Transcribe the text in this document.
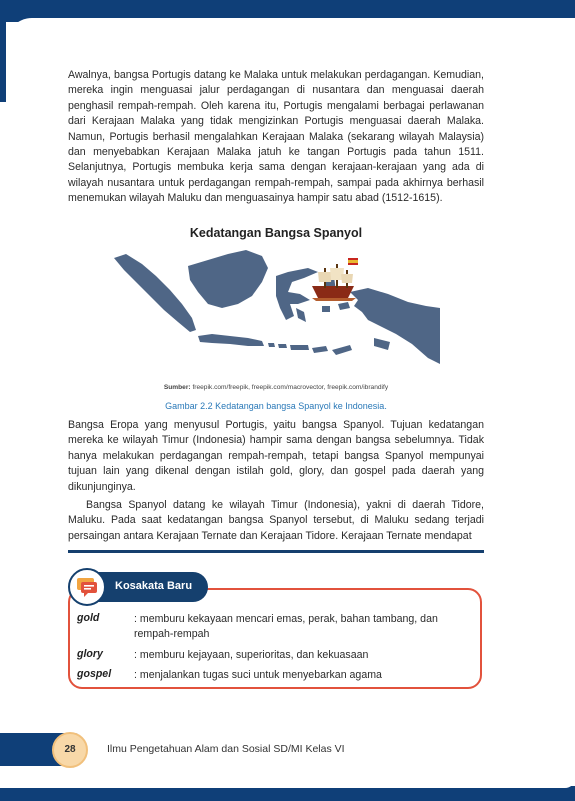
Awalnya, bangsa Portugis datang ke Malaka untuk melakukan perdagangan. Kemudian, mereka ingin menguasai jalur perdagangan di nusantara dan menguasai daerah penghasil rempah-rempah. Oleh karena itu, Portugis mengalami berbagai perlawanan dari Kerajaan Malaka yang tidak mengizinkan Portugis menguasai daerah Malaka. Namun, Portugis berhasil mengalahkan Kerajaan Malaka (sekarang wilayah Malaysia) dan menyebabkan Kerajaan Malaka jatuh ke tangan Portugis pada tahun 1511. Selanjutnya, Portugis membuka kerja sama dengan kerajaan-kerajaan yang ada di wilayah nusantara untuk perdagangan rempah-rempah, sampai pada akhirnya berhasil menemukan wilayah Maluku dan menguasainya hampir satu abad (1512-1615).

Kedatangan Bangsa Spanyol

Sumber: freepik.com/freepik, freepik.com/macrovector, freepik.com/ibrandify
Gambar 2.2 Kedatangan bangsa Spanyol ke Indonesia.

Bangsa Eropa yang menyusul Portugis, yaitu bangsa Spanyol. Tujuan kedatangan mereka ke wilayah Timur (Indonesia) hampir sama dengan bangsa sebelumnya. Tidak hanya melakukan perdagangan rempah-rempah, tetapi bangsa Spanyol mempunyai tujuan lain yang dikenal dengan istilah gold, glory, dan gospel pada daerah yang dikunjunginya.

Bangsa Spanyol datang ke wilayah Timur (Indonesia), yakni di daerah Tidore, Maluku. Pada saat kedatangan bangsa Spanyol tersebut, di Maluku sedang terjadi persaingan antara Kerajaan Ternate dan Kerajaan Tidore. Kerajaan Ternate mendapat

Kosakata Baru
gold	: memburu kekayaan mencari emas, perak, bahan tambang, dan rempah-rempah
glory	: memburu kejayaan, superioritas, dan kekuasaan
gospel : menjalankan tugas suci untuk menyebarkan agama
28	Ilmu Pengetahuan Alam dan Sosial SD/MI Kelas VI
